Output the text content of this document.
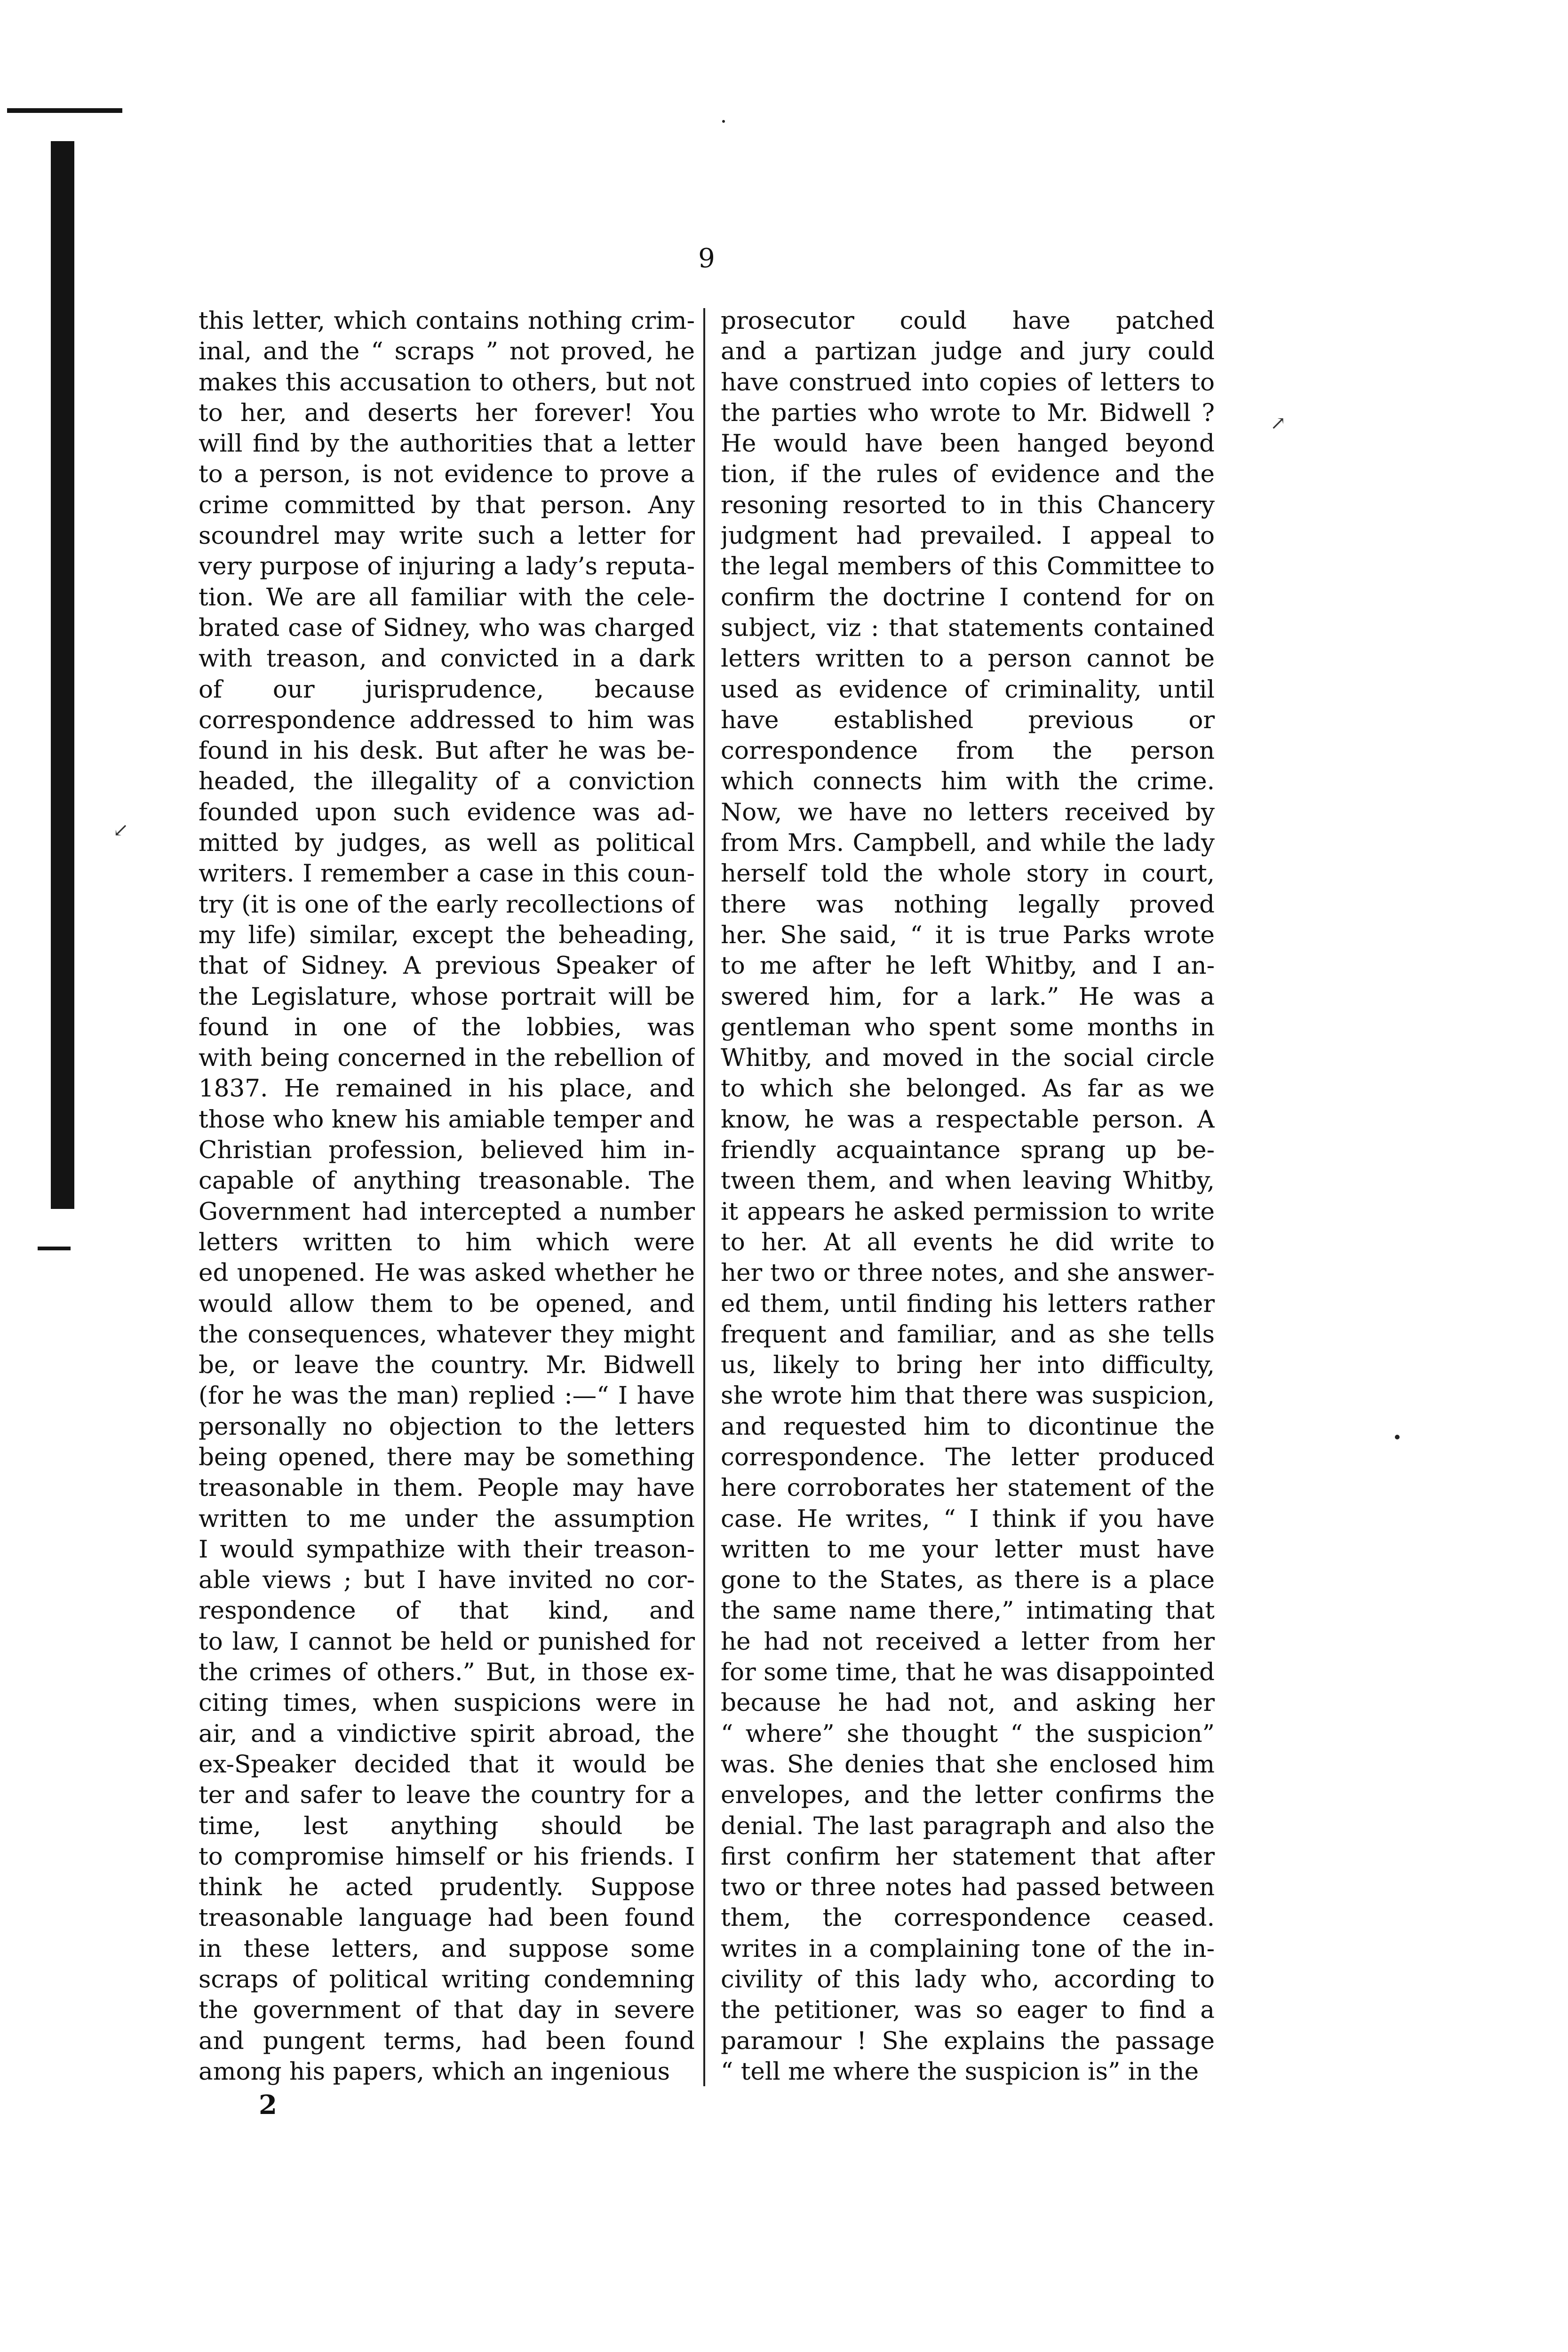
9
this letter, which contains nothing crim-
inal, and the “ scraps ” not proved, he
makes this accusation to others, but not
to her, and deserts her forever! You
will find by the authorities that a letter
to a person, is not evidence to prove a
crime committed by that person. Any
scoundrel may write such a letter for
very purpose of injuring a lady’s reputa-
tion. We are all familiar with the cele-
brated case of Sidney, who was charged
with treason, and convicted in a dark
of our jurisprudence, because
correspondence addressed to him was
found in his desk. But after he was be-
headed, the illegality of a conviction
founded upon such evidence was ad-
mitted by judges, as well as political
writers. I remember a case in this coun-
try (it is one of the early recollections of
my life) similar, except the beheading,
that of Sidney. A previous Speaker of
the Legislature, whose portrait will be
found in one of the lobbies, was
with being concerned in the rebellion of
1837. He remained in his place, and
those who knew his amiable temper and
Christian profession, believed him in-
capable of anything treasonable. The
Government had intercepted a number
letters written to him which were
ed unopened. He was asked whether he
would allow them to be opened, and
the consequences, whatever they might
be, or leave the country. Mr. Bidwell
(for he was the man) replied :—“ I have
personally no objection to the letters
being opened, there may be something
treasonable in them. People may have
written to me under the assumption
I would sympathize with their treason-
able views ; but I have invited no cor-
respondence of that kind, and
to law, I cannot be held or punished for
the crimes of others.” But, in those ex-
citing times, when suspicions were in
air, and a vindictive spirit abroad, the
ex-Speaker decided that it would be
ter and safer to leave the country for a
time, lest anything should be
to compromise himself or his friends. I
think he acted prudently. Suppose
treasonable language had been found
in these letters, and suppose some
scraps of political writing condemning
the government of that day in severe
and pungent terms, had been found
among his papers, which an ingenious
prosecutor could have patched
and a partizan judge and jury could
have construed into copies of letters to
the parties who wrote to Mr. Bidwell ?
He would have been hanged beyond
tion, if the rules of evidence and the
resoning resorted to in this Chancery
judgment had prevailed. I appeal to
the legal members of this Committee to
confirm the doctrine I contend for on
subject, viz : that statements contained
letters written to a person cannot be
used as evidence of criminality, until
have established previous or
correspondence from the person
which connects him with the crime.
Now, we have no letters received by
from Mrs. Campbell, and while the lady
herself told the whole story in court,
there was nothing legally proved
her. She said, “ it is true Parks wrote
to me after he left Whitby, and I an-
swered him, for a lark.” He was a
gentleman who spent some months in
Whitby, and moved in the social circle
to which she belonged. As far as we
know, he was a respectable person. A
friendly acquaintance sprang up be-
tween them, and when leaving Whitby,
it appears he asked permission to write
to her. At all events he did write to
her two or three notes, and she answer-
ed them, until finding his letters rather
frequent and familiar, and as she tells
us, likely to bring her into difficulty,
she wrote him that there was suspicion,
and requested him to dicontinue the
correspondence. The letter produced
here corroborates her statement of the
case. He writes, “ I think if you have
written to me your letter must have
gone to the States, as there is a place
the same name there,” intimating that
he had not received a letter from her
for some time, that he was disappointed
because he had not, and asking her
“ where” she thought “ the suspicion”
was. She denies that she enclosed him
envelopes, and the letter confirms the
denial. The last paragraph and also the
first confirm her statement that after
two or three notes had passed between
them, the correspondence ceased.
writes in a complaining tone of the in-
civility of this lady who, according to
the petitioner, was so eager to find a
paramour ! She explains the passage
“ tell me where the suspicion is” in the
2
↗
↙
